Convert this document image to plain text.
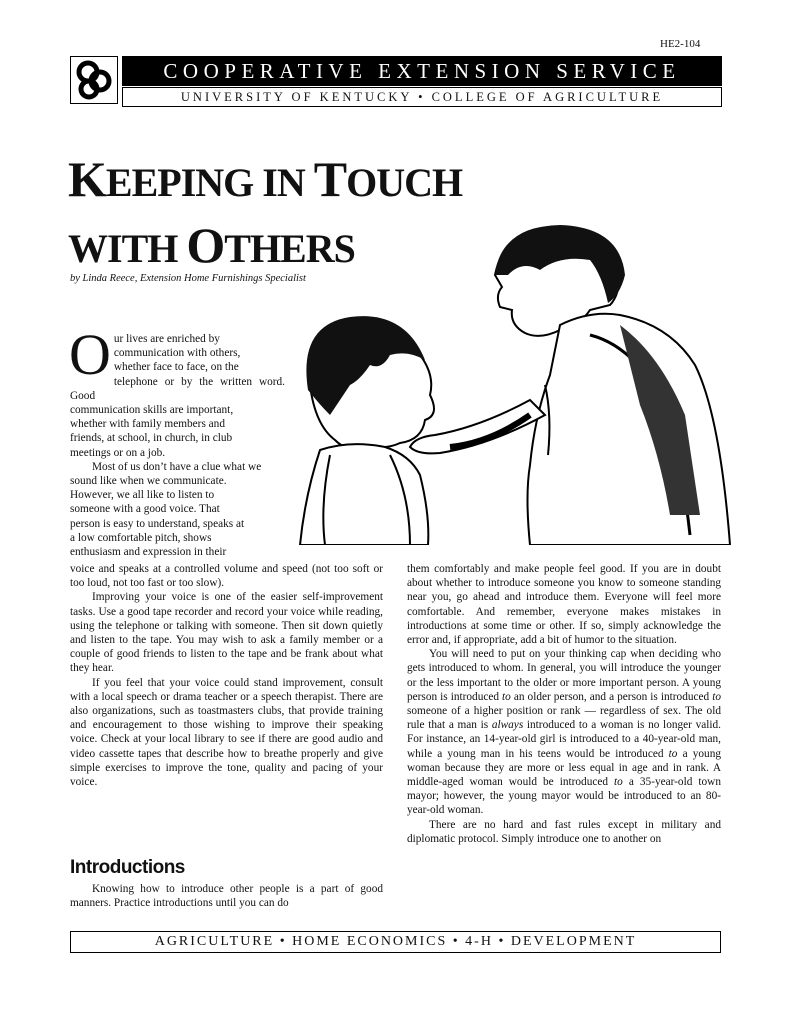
HE2-104
COOPERATIVE EXTENSION SERVICE
UNIVERSITY OF KENTUCKY • COLLEGE OF AGRICULTURE
KEEPING IN TOUCH
WITH OTHERS
by Linda Reece, Extension Home Furnishings Specialist
O ur lives are enriched by
communication with others,
whether face to face, on the
telephone or by the written word. Good
communication skills are important,
whether with family members and
friends, at school, in church, in club
meetings or on a job.
Most of us don’t have a clue what we
sound like when we communicate.
However, we all like to listen to
someone with a good voice. That
person is easy to understand, speaks at
a low comfortable pitch, shows
enthusiasm and expression in their

voice and speaks at a controlled volume and speed (not too soft or too loud, not too fast or too slow).

Improving your voice is one of the easier self-improvement tasks. Use a good tape recorder and record your voice while reading, using the telephone or talking with someone. Then sit down quietly and listen to the tape. You may wish to ask a family member or a couple of good friends to listen to the tape and be frank about what they hear.

If you feel that your voice could stand improvement, consult with a local speech or drama teacher or a speech therapist. There are also organizations, such as toastmasters clubs, that provide training and encouragement to those wishing to improve their speaking voice. Check at your local library to see if there are good audio and video cassette tapes that describe how to breathe properly and give simple exercises to improve the tone, quality and pacing of your voice.

Introductions

Knowing how to introduce other people is a part of good manners. Practice introductions until you can do

them comfortably and make people feel good. If you are in doubt about whether to introduce someone you know to someone standing near you, go ahead and introduce them. Everyone will feel more comfortable. And remember, everyone makes mistakes in introductions at some time or other. If so, simply acknowledge the error and, if appropriate, add a bit of humor to the situation.

You will need to put on your thinking cap when deciding who gets introduced to whom. In general, you will introduce the younger or the less important to the older or more important person. A young person is introduced to an older person, and a person is introduced to someone of a higher position or rank — regardless of sex. The old rule that a man is always introduced to a woman is no longer valid. For instance, an 14-year-old girl is introduced to a 40-year-old man, while a young man in his teens would be introduced to a young woman because they are more or less equal in age and in rank. A middle-aged woman would be introduced to a 35-year-old town mayor; however, the young mayor would be introduced to an 80-year-old woman.

There are no hard and fast rules except in military and diplomatic protocol. Simply introduce one to another on

AGRICULTURE • HOME ECONOMICS • 4-H • DEVELOPMENT
